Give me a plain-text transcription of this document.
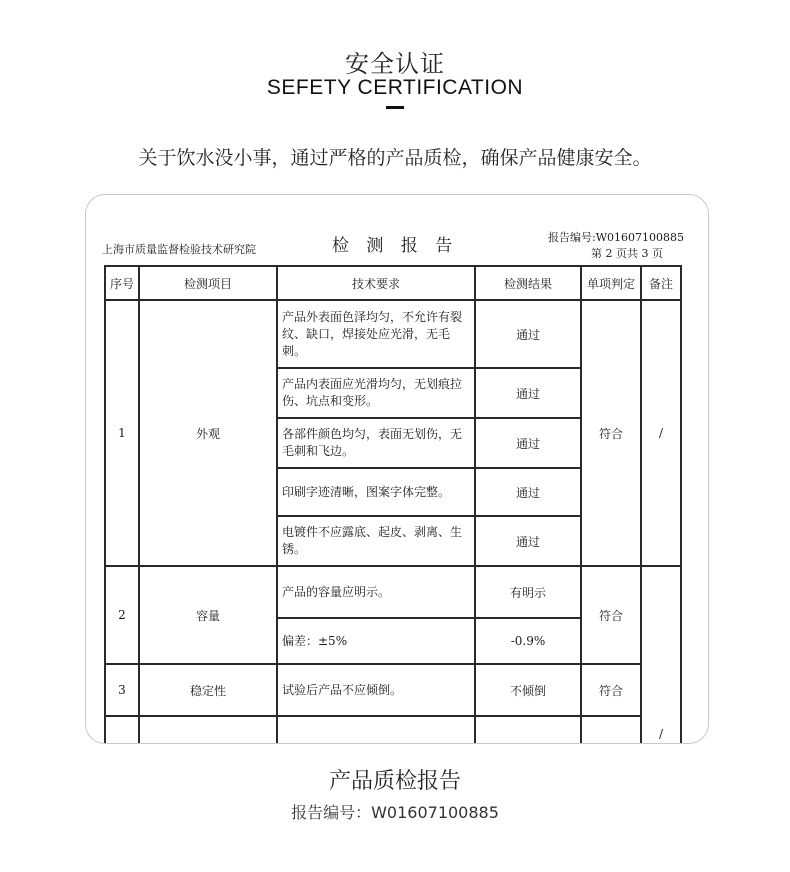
安全认证
SEFETY CERTIFICATION
关于饮水没小事，通过严格的产品质检，确保产品健康安全。
上海市质量监督检验技术研究院	检 测 报 告	报告编号:W01607100885
第 2 页共 3 页
序号	检测项目	技术要求	检测结果	单项判定	备注
1	外观	产品外表面色泽均匀，不允许有裂纹、缺口，焊接处应光滑，无毛刺。	通过	符合	/
		产品内表面应光滑均匀，无划痕拉伤、坑点和变形。	通过		
		各部件颜色均匀，表面无划伤，无毛刺和飞边。	通过		
		印刷字迹清晰，图案字体完整。	通过		
		电镀件不应露底、起皮、剥离、生锈。	通过		
2	容量	产品的容量应明示。	有明示	符合	/
		偏差：±5%	-0.9%		
3	稳定性	试验后产品不应倾倒。	不倾倒	符合	

产品质检报告
报告编号：W01607100885
